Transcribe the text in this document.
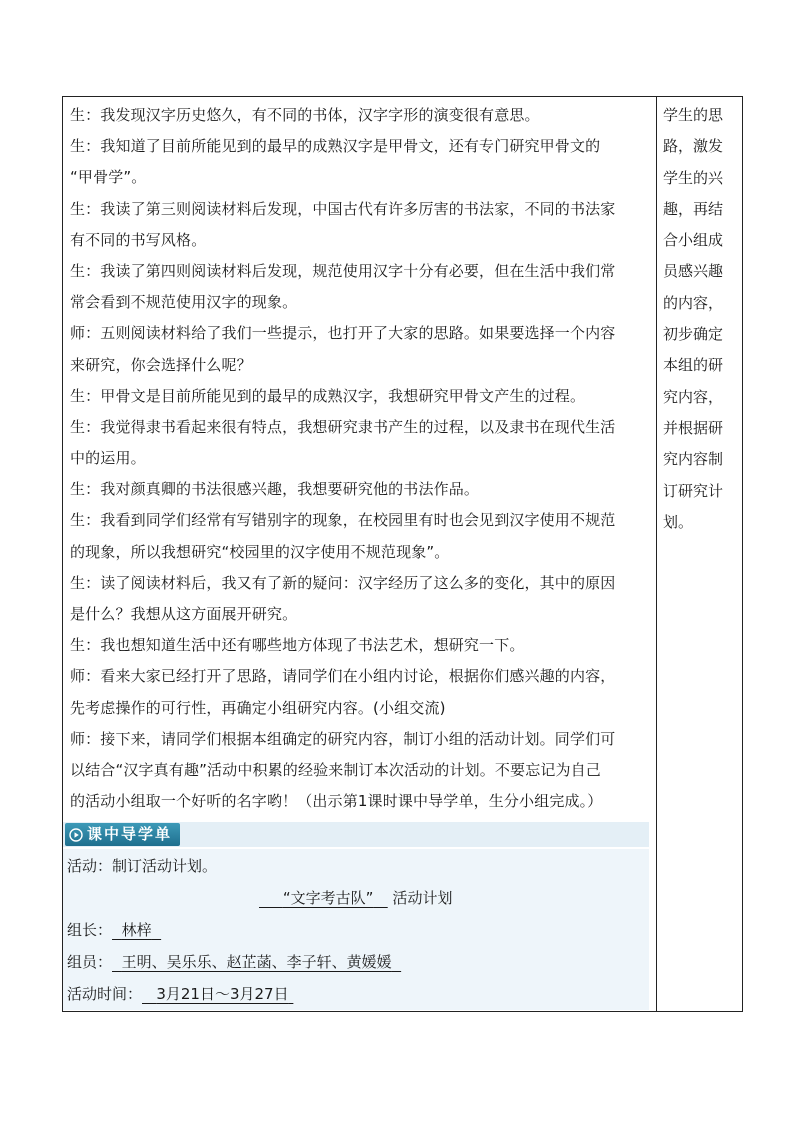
生：我发现汉字历史悠久，有不同的书体，汉字字形的演变很有意思。
生：我知道了目前所能见到的最早的成熟汉字是甲骨文，还有专门研究甲骨文的
“甲骨学”。
生：我读了第三则阅读材料后发现，中国古代有许多厉害的书法家，不同的书法家
有不同的书写风格。
生：我读了第四则阅读材料后发现，规范使用汉字十分有必要，但在生活中我们常
常会看到不规范使用汉字的现象。
师：五则阅读材料给了我们一些提示，也打开了大家的思路。如果要选择一个内容
来研究，你会选择什么呢？
生：甲骨文是目前所能见到的最早的成熟汉字，我想研究甲骨文产生的过程。
生：我觉得隶书看起来很有特点，我想研究隶书产生的过程，以及隶书在现代生活
中的运用。
生：我对颜真卿的书法很感兴趣，我想要研究他的书法作品。
生：我看到同学们经常有写错别字的现象，在校园里有时也会见到汉字使用不规范
的现象，所以我想研究“校园里的汉字使用不规范现象”。
生：读了阅读材料后，我又有了新的疑问：汉字经历了这么多的变化，其中的原因
是什么？我想从这方面展开研究。
生：我也想知道生活中还有哪些地方体现了书法艺术，想研究一下。
师：看来大家已经打开了思路，请同学们在小组内讨论，根据你们感兴趣的内容，
先考虑操作的可行性，再确定小组研究内容。(小组交流)
师：接下来，请同学们根据本组确定的研究内容，制订小组的活动计划。同学们可
以结合“汉字真有趣”活动中积累的经验来制订本次活动的计划。不要忘记为自己
的活动小组取一个好听的名字哟！（出示第1课时课中导学单，生分小组完成。）
课中导学单
活动：制订活动计划。
“文字考古队” 活动计划
组长： 林梓
组员： 王明、吴乐乐、赵芷菡、李子轩、黄媛媛
活动时间： 3月21日～3月27日
学生的思
路，激发
学生的兴
趣，再结
合小组成
员感兴趣
的内容，
初步确定
本组的研
究内容，
并根据研
究内容制
订研究计
划。
